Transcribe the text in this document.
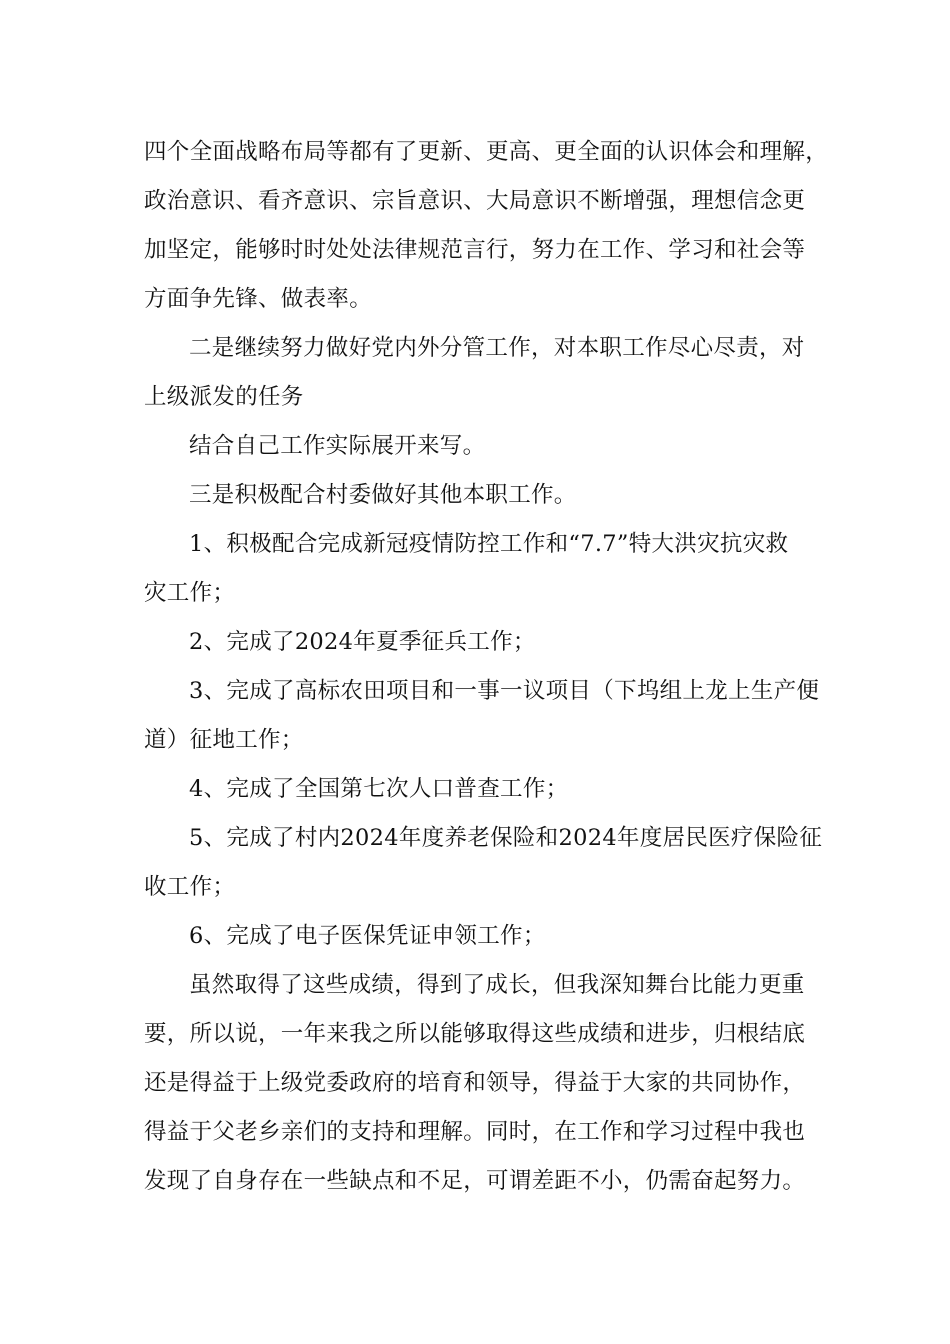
四个全面战略布局等都有了更新、更高、更全面的认识体会和理解，
政治意识、看齐意识、宗旨意识、大局意识不断增强，理想信念更
加坚定，能够时时处处法律规范言行，努力在工作、学习和社会等
方面争先锋、做表率。

二是继续努力做好党内外分管工作，对本职工作尽心尽责，对
上级派发的任务

结合自己工作实际展开来写。

三是积极配合村委做好其他本职工作。

1、积极配合完成新冠疫情防控工作和“7.7”特大洪灾抗灾救
灾工作；

2、完成了2024年夏季征兵工作；

3、完成了高标农田项目和一事一议项目（下坞组上龙上生产便
道）征地工作；

4、完成了全国第七次人口普查工作；

5、完成了村内2024年度养老保险和2024年度居民医疗保险征
收工作；

6、完成了电子医保凭证申领工作；

虽然取得了这些成绩，得到了成长，但我深知舞台比能力更重
要，所以说，一年来我之所以能够取得这些成绩和进步，归根结底
还是得益于上级党委政府的培育和领导，得益于大家的共同协作，
得益于父老乡亲们的支持和理解。同时，在工作和学习过程中我也
发现了自身存在一些缺点和不足，可谓差距不小，仍需奋起努力。
